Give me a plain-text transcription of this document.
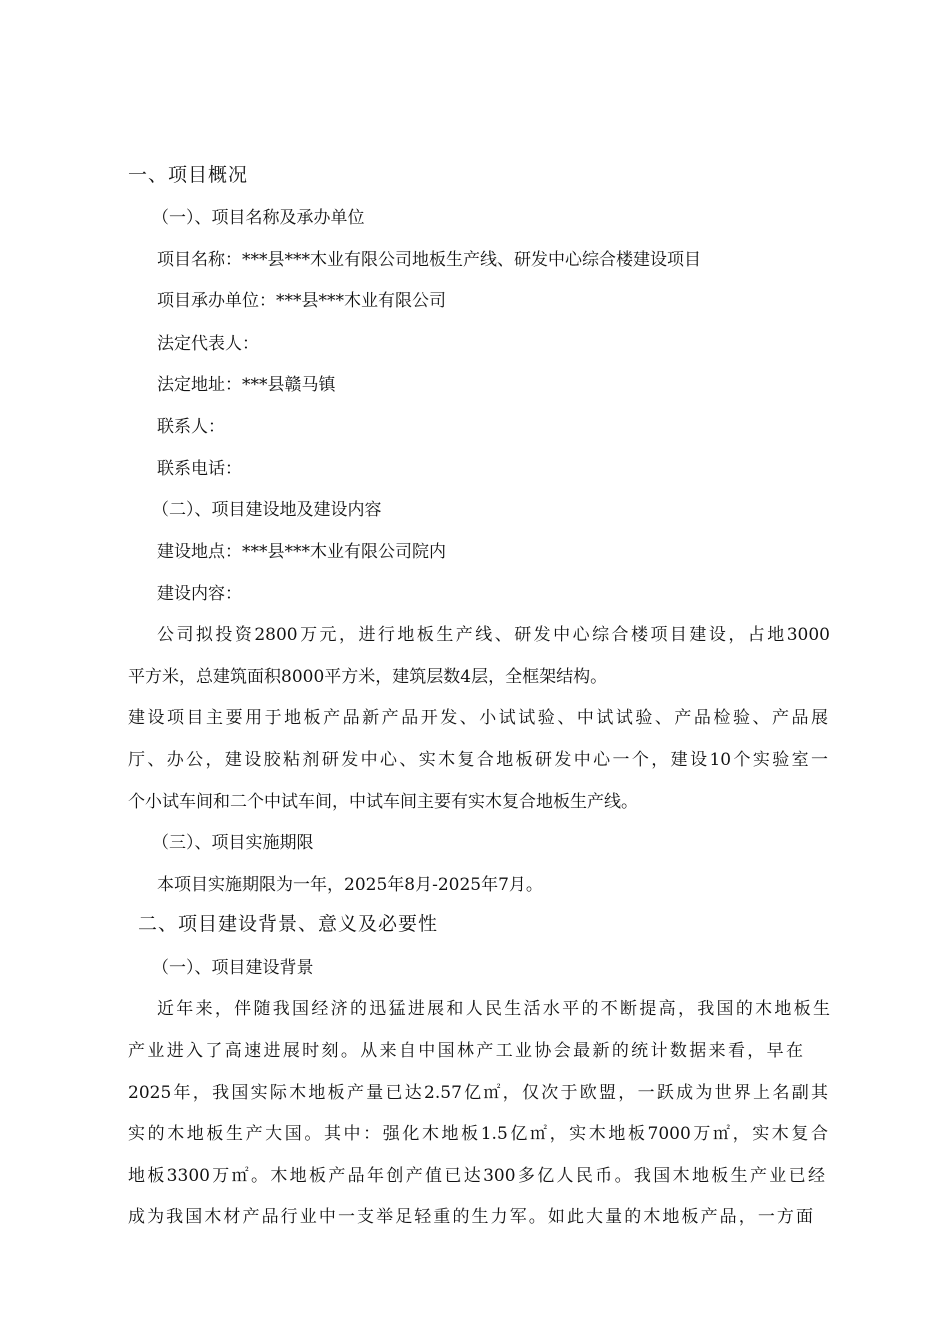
一、项目概况
（一）、项目名称及承办单位
项目名称：***县***木业有限公司地板生产线、研发中心综合楼建设项目
项目承办单位：***县***木业有限公司
法定代表人：
法定地址：***县赣马镇
联系人：
联系电话：
（二）、项目建设地及建设内容
建设地点：***县***木业有限公司院内
建设内容：
公司拟投资2800万元，进行地板生产线、研发中心综合楼项目建设，占地3000
平方米，总建筑面积8000平方米，建筑层数4层，全框架结构。
建设项目主要用于地板产品新产品开发、小试试验、中试试验、产品检验、产品展
厅、办公，建设胶粘剂研发中心、实木复合地板研发中心一个，建设10个实验室一
个小试车间和二个中试车间，中试车间主要有实木复合地板生产线。
（三）、项目实施期限
本项目实施期限为一年，2025年8月-2025年7月。
二、项目建设背景、意义及必要性
（一）、项目建设背景
近年来，伴随我国经济的迅猛进展和人民生活水平的不断提高，我国的木地板生
产业进入了高速进展时刻。从来自中国林产工业协会最新的统计数据来看，早在
2025年，我国实际木地板产量已达2.57亿㎡，仅次于欧盟，一跃成为世界上名副其
实的木地板生产大国。其中：强化木地板1.5亿㎡，实木地板7000万㎡，实木复合
地板3300万㎡。木地板产品年创产值已达300多亿人民币。我国木地板生产业已经
成为我国木材产品行业中一支举足轻重的生力军。如此大量的木地板产品，一方面
